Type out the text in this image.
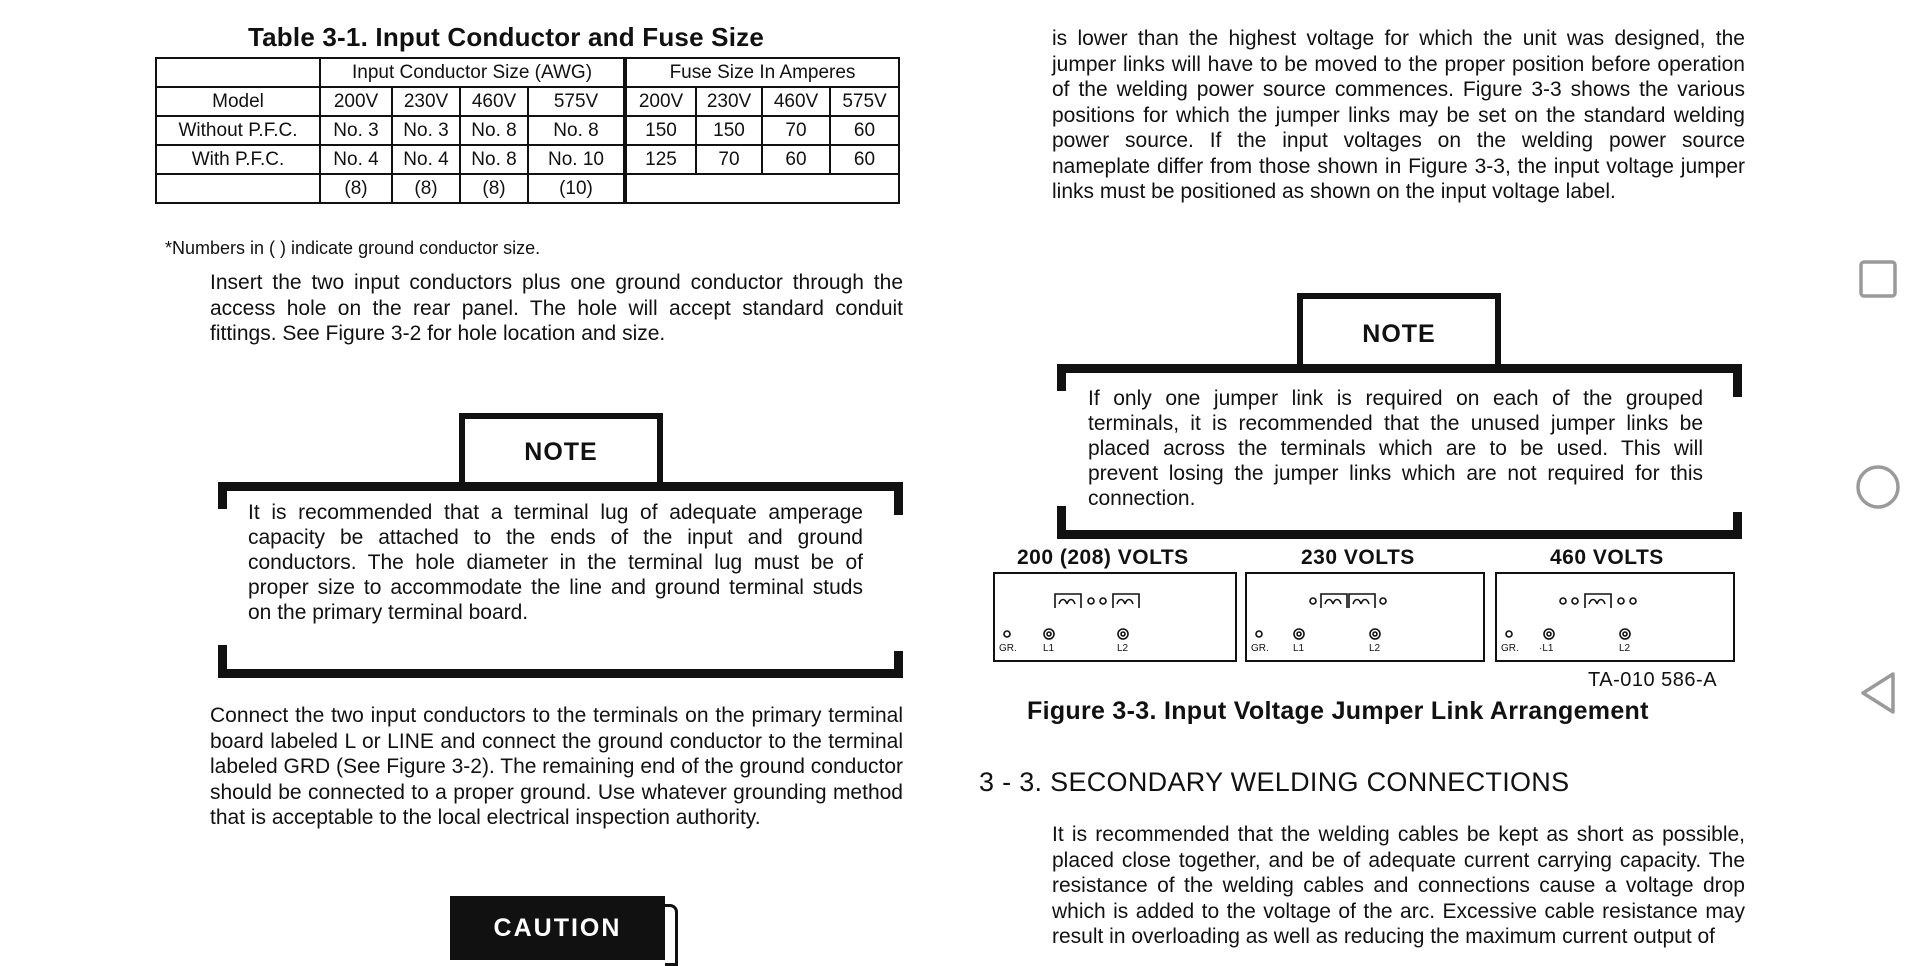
Table 3-1. Input Conductor and Fuse Size
	Input Conductor Size (AWG)				Fuse Size In Amperes			
Model	200V	230V	460V	575V	200V	230V	460V	575V
Without P.F.C.	No. 3	No. 3	No. 8	No. 8	150	150	70	60
With P.F.C.	No. 4	No. 4	No. 8	No. 10	125	70	60	60
	(8)	(8)	(8)	(10)				
*Numbers in ( ) indicate ground conductor size.
Insert the two input conductors plus one ground conductor through the access hole on the rear panel. The hole will accept standard conduit fittings. See Figure 3-2 for hole location and size.
NOTE
It is recommended that a terminal lug of adequate amperage capacity be attached to the ends of the input and ground conductors. The hole diameter in the terminal lug must be of proper size to accommodate the line and ground terminal studs on the primary terminal board.
Connect the two input conductors to the terminals on the primary terminal board labeled L or LINE and connect the ground conductor to the terminal labeled GRD (See Figure 3-2). The remaining end of the ground conductor should be connected to a proper ground. Use whatever grounding method that is acceptable to the local electrical inspection authority.
CAUTION
is lower than the highest voltage for which the unit was designed, the jumper links will have to be moved to the proper position before operation of the welding power source commences. Figure 3-3 shows the various positions for which the jumper links may be set on the standard welding power source. If the input voltages on the welding power source nameplate differ from those shown in Figure 3-3, the input voltage jumper links must be positioned as shown on the input voltage label.
NOTE
If only one jumper link is required on each of the grouped terminals, it is recommended that the unused jumper links be placed across the terminals which are to be used. This will prevent losing the jumper links which are not required for this connection.
200 (208) VOLTS	230 VOLTS	460 VOLTS
GR.	L1	L2	GR. L1	L2	GR. ·L1	L2
TA-010 586-A
Figure 3-3. Input Voltage Jumper Link Arrangement
3 - 3. SECONDARY WELDING CONNECTIONS
It is recommended that the welding cables be kept as short as possible, placed close together, and be of adequate current carrying capacity. The resistance of the welding cables and connections cause a voltage drop which is added to the voltage of the arc. Excessive cable resistance may result in overloading as well as reducing the maximum current output of
